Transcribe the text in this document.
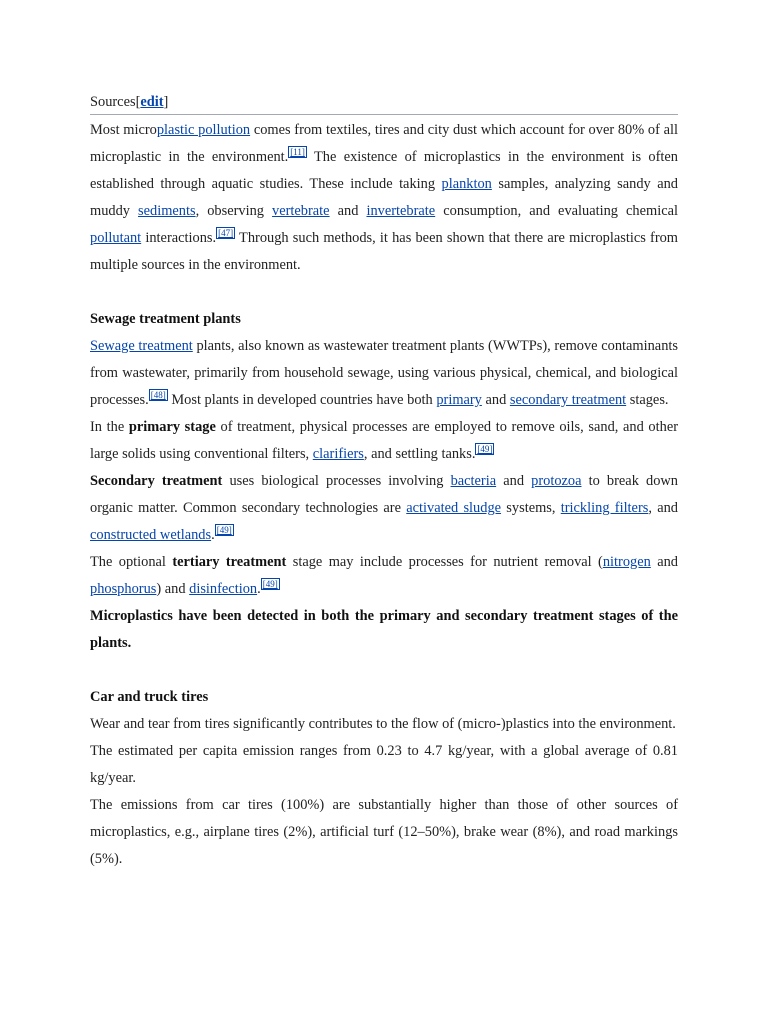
Sources[edit]

Most microplastic pollution comes from textiles, tires and city dust which account for over 80% of all microplastic in the environment. [11] The existence of microplastics in the environment is often established through aquatic studies. These include taking plankton samples, analyzing sandy and muddy sediments, observing vertebrate and invertebrate consumption, and evaluating chemical pollutant interactions. [47] Through such methods, it has been shown that there are microplastics from multiple sources in the environment.

Sewage treatment plants

Sewage treatment plants, also known as wastewater treatment plants (WWTPs), remove contaminants from wastewater, primarily from household sewage, using various physical, chemical, and biological processes. [48] Most plants in developed countries have both primary and secondary treatment stages.

In the primary stage of treatment, physical processes are employed to remove oils, sand, and other large solids using conventional filters, clarifiers, and settling tanks. [49]

Secondary treatment uses biological processes involving bacteria and protozoa to break down organic matter. Common secondary technologies are activated sludge systems, trickling filters, and constructed wetlands. [49]

The optional tertiary treatment stage may include processes for nutrient removal (nitrogen and phosphorus) and disinfection. [49]

Microplastics have been detected in both the primary and secondary treatment stages of the plants.

Car and truck tires

Wear and tear from tires significantly contributes to the flow of (micro-)plastics into the environment.

The estimated per capita emission ranges from 0.23 to 4.7 kg/year, with a global average of 0.81 kg/year.

The emissions from car tires (100%) are substantially higher than those of other sources of microplastics, e.g., airplane tires (2%), artificial turf (12–50%), brake wear (8%), and road markings (5%).
